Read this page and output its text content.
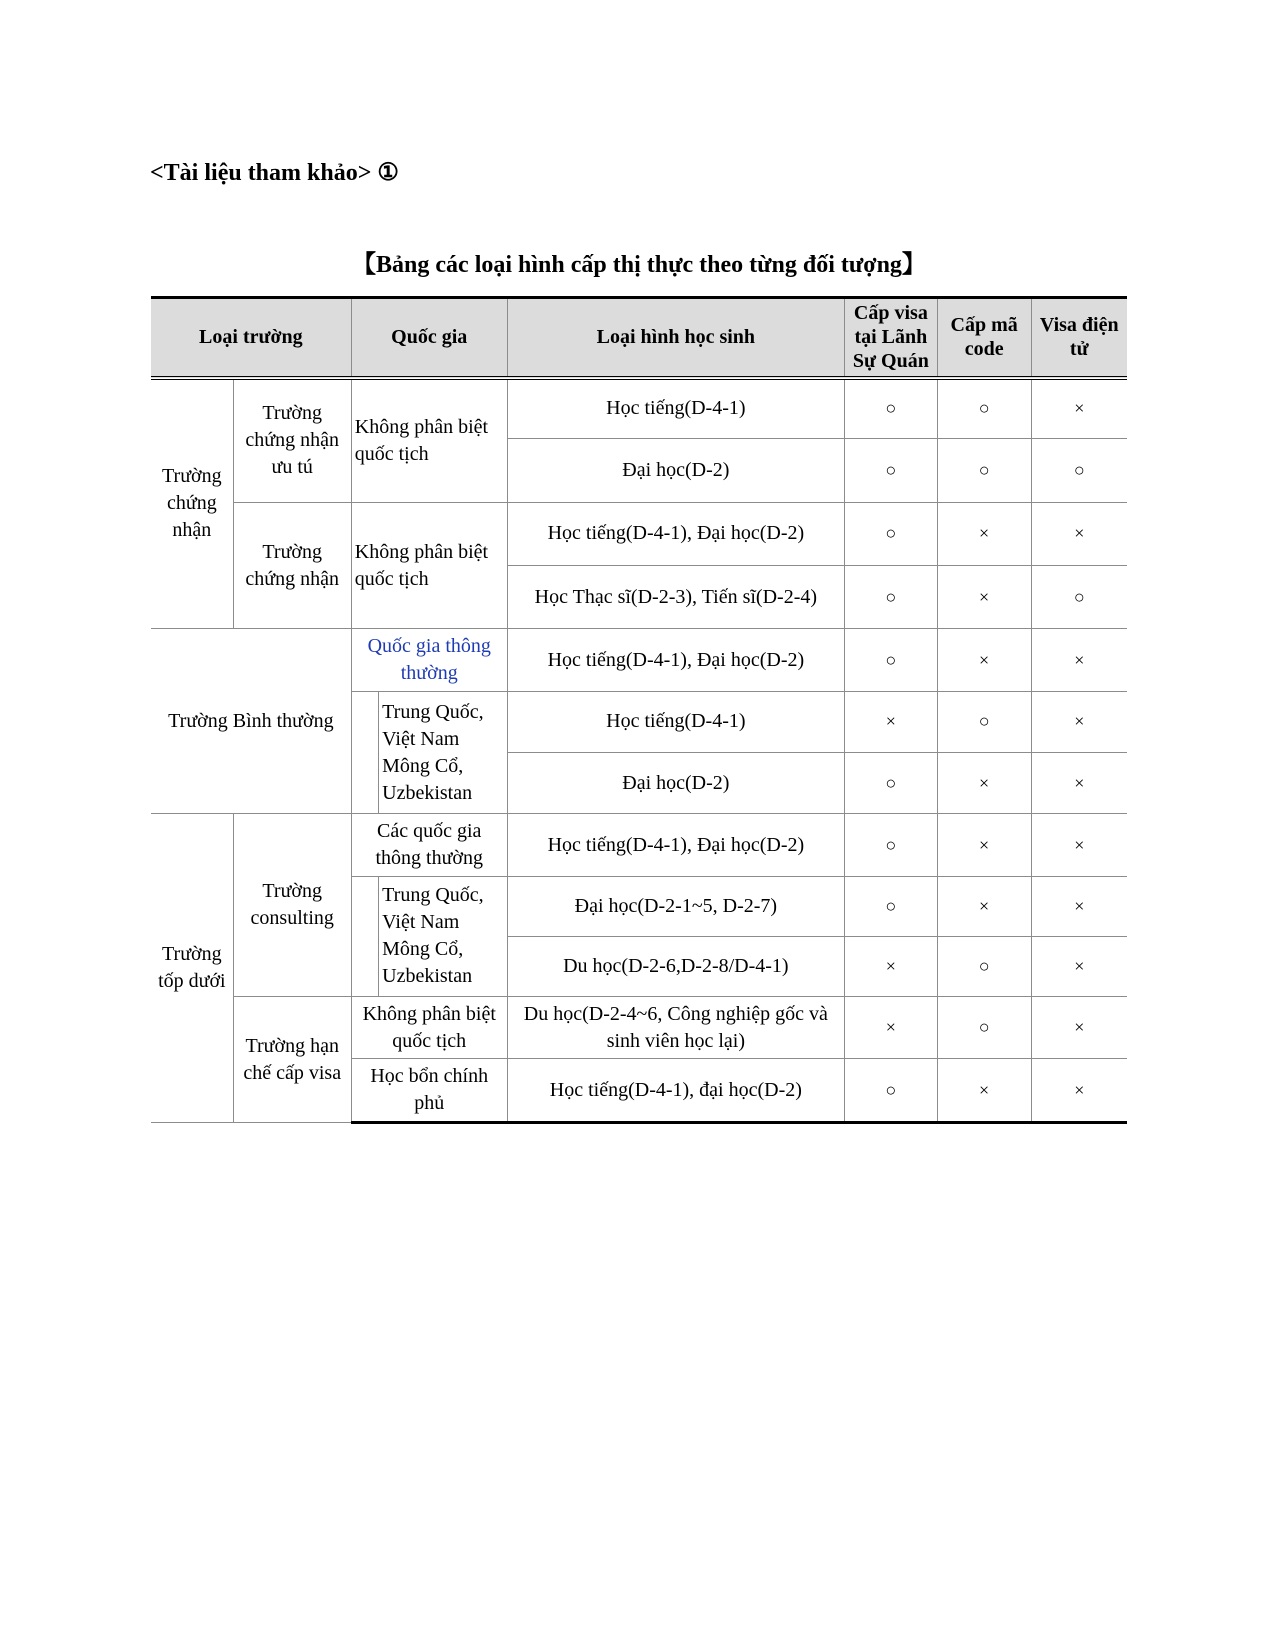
<Tài liệu tham khảo> ①
【Bảng các loại hình cấp thị thực theo từng đối tượng】
Loại trường		Quốc gia		Loại hình học sinh	Cấp visa tại Lãnh Sự Quán	Cấp mã code	Visa điện tử
Trường chứng nhận	Trường chứng nhận ưu tú	Không phân biệt quốc tịch		Học tiếng(D-4-1)	○	○	×
				Đại học(D-2)	○	○	○
	Trường chứng nhận	Không phân biệt quốc tịch		Học tiếng(D-4-1), Đại học(D-2)	○	×	×
				Học Thạc sĩ(D-2-3), Tiến sĩ(D-2-4)	○	×	○
Trường Bình thường		Quốc gia thông thường		Học tiếng(D-4-1), Đại học(D-2)	○	×	×
			Trung Quốc, Việt Nam Mông Cổ, Uzbekistan	Học tiếng(D-4-1)	×	○	×
				Đại học(D-2)	○	×	×
Trường tốp dưới	Trường consulting	Các quốc gia thông thường		Học tiếng(D-4-1), Đại học(D-2)	○	×	×
			Trung Quốc, Việt Nam Mông Cổ, Uzbekistan	Đại học(D-2-1~5, D-2-7)	○	×	×
				Du học(D-2-6,D-2-8/D-4-1)	×	○	×
	Trường hạn chế cấp visa	Không phân biệt quốc tịch		Du học(D-2-4~6, Công nghiệp gốc và sinh viên học lại)	×	○	×
		Học bổn chính phủ		Học tiếng(D-4-1), đại học(D-2)	○	×	×
